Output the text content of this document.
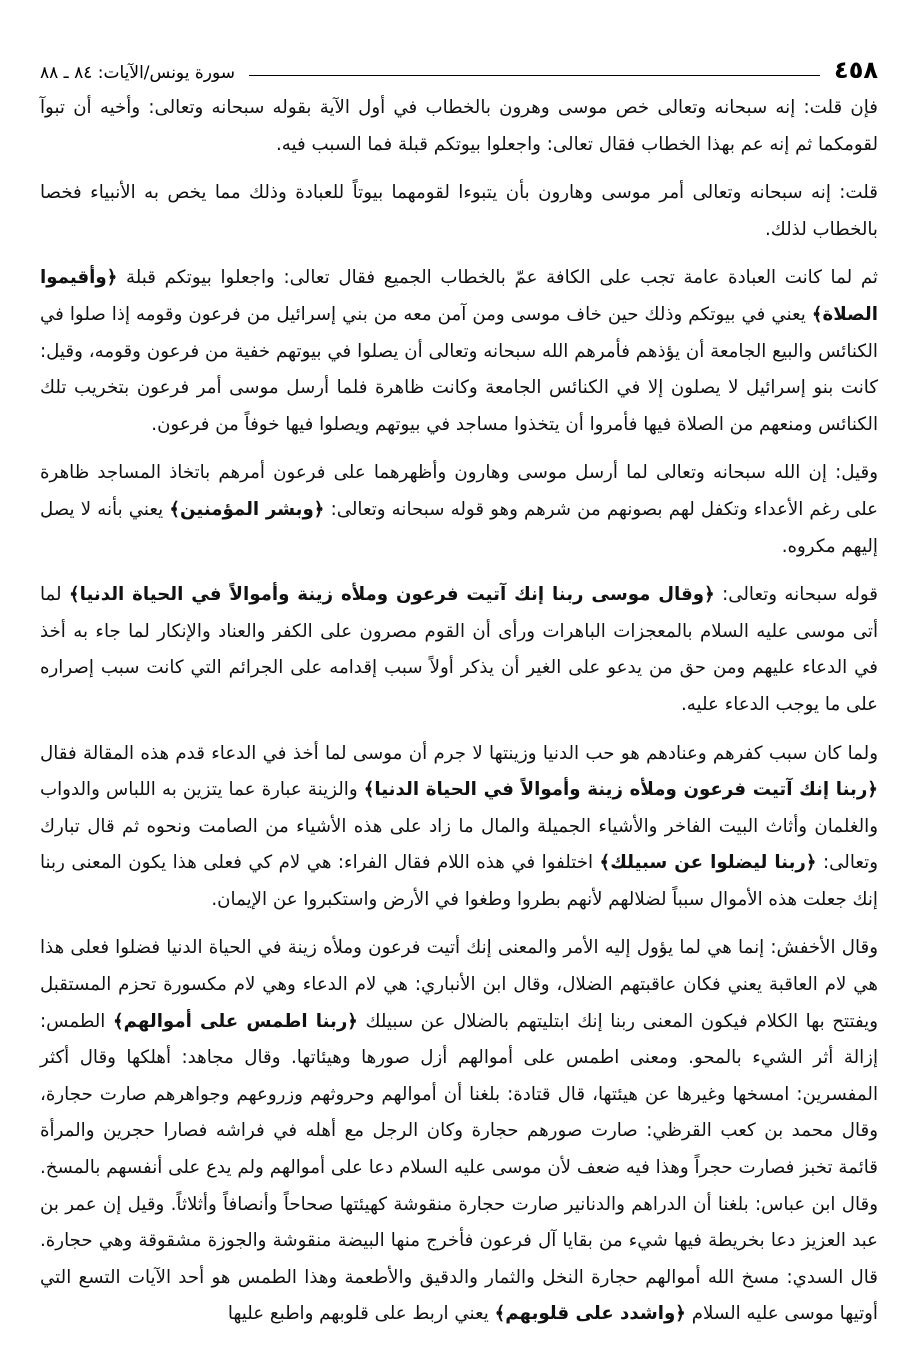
٤٥٨
سورة يونس/الآيات: ٨٤ ـ ٨٨

فإن قلت: إنه سبحانه وتعالى خص موسى وهرون بالخطاب في أول الآية بقوله سبحانه وتعالى: وأخيه أن تبوآ لقومكما ثم إنه عم بهذا الخطاب فقال تعالى: واجعلوا بيوتكم قبلة فما السبب فيه.

قلت: إنه سبحانه وتعالى أمر موسى وهارون بأن يتبوءا لقومهما بيوتاً للعبادة وذلك مما يخص به الأنبياء فخصا بالخطاب لذلك.

ثم لما كانت العبادة عامة تجب على الكافة عمّ بالخطاب الجميع فقال تعالى: واجعلوا بيوتكم قبلة ﴿وأقيموا الصلاة﴾ يعني في بيوتكم وذلك حين خاف موسى ومن آمن معه من بني إسرائيل من فرعون وقومه إذا صلوا في الكنائس والبيع الجامعة أن يؤذهم فأمرهم الله سبحانه وتعالى أن يصلوا في بيوتهم خفية من فرعون وقومه، وقيل: كانت بنو إسرائيل لا يصلون إلا في الكنائس الجامعة وكانت ظاهرة فلما أرسل موسى أمر فرعون بتخريب تلك الكنائس ومنعهم من الصلاة فيها فأمروا أن يتخذوا مساجد في بيوتهم ويصلوا فيها خوفاً من فرعون.

وقيل: إن الله سبحانه وتعالى لما أرسل موسى وهارون وأظهرهما على فرعون أمرهم باتخاذ المساجد ظاهرة على رغم الأعداء وتكفل لهم بصونهم من شرهم وهو قوله سبحانه وتعالى: ﴿وبشر المؤمنين﴾ يعني بأنه لا يصل إليهم مكروه.

قوله سبحانه وتعالى: ﴿وقال موسى ربنا إنك آتيت فرعون وملأه زينة وأموالاً في الحياة الدنيا﴾ لما أتى موسى عليه السلام بالمعجزات الباهرات ورأى أن القوم مصرون على الكفر والعناد والإنكار لما جاء به أخذ في الدعاء عليهم ومن حق من يدعو على الغير أن يذكر أولاً سبب إقدامه على الجرائم التي كانت سبب إصراره على ما يوجب الدعاء عليه.

ولما كان سبب كفرهم وعنادهم هو حب الدنيا وزينتها لا جرم أن موسى لما أخذ في الدعاء قدم هذه المقالة فقال ﴿ربنا إنك آتيت فرعون وملأه زينة وأموالاً في الحياة الدنيا﴾ والزينة عبارة عما يتزين به اللباس والدواب والغلمان وأثاث البيت الفاخر والأشياء الجميلة والمال ما زاد على هذه الأشياء من الصامت ونحوه ثم قال تبارك وتعالى: ﴿ربنا ليضلوا عن سبيلك﴾ اختلفوا في هذه اللام فقال الفراء: هي لام كي فعلى هذا يكون المعنى ربنا إنك جعلت هذه الأموال سبباً لضلالهم لأنهم بطروا وطغوا في الأرض واستكبروا عن الإيمان.

وقال الأخفش: إنما هي لما يؤول إليه الأمر والمعنى إنك أتيت فرعون وملأه زينة في الحياة الدنيا فضلوا فعلى هذا هي لام العاقبة يعني فكان عاقبتهم الضلال، وقال ابن الأنباري: هي لام الدعاء وهي لام مكسورة تحزم المستقبل ويفتتح بها الكلام فيكون المعنى ربنا إنك ابتليتهم بالضلال عن سبيلك ﴿ربنا اطمس على أموالهم﴾ الطمس: إزالة أثر الشيء بالمحو. ومعنى اطمس على أموالهم أزل صورها وهيئاتها. وقال مجاهد: أهلكها وقال أكثر المفسرين: امسخها وغيرها عن هيئتها، قال قتادة: بلغنا أن أموالهم وحروثهم وزروعهم وجواهرهم صارت حجارة، وقال محمد بن كعب القرظي: صارت صورهم حجارة وكان الرجل مع أهله في فراشه فصارا حجرين والمرأة قائمة تخبز فصارت حجراً وهذا فيه ضعف لأن موسى عليه السلام دعا على أموالهم ولم يدع على أنفسهم بالمسخ. وقال ابن عباس: بلغنا أن الدراهم والدنانير صارت حجارة منقوشة كهيئتها صحاحاً وأنصافاً وأثلاثاً. وقيل إن عمر بن عبد العزيز دعا بخريطة فيها شيء من بقايا آل فرعون فأخرج منها البيضة منقوشة والجوزة مشقوقة وهي حجارة. قال السدي: مسخ الله أموالهم حجارة النخل والثمار والدقيق والأطعمة وهذا الطمس هو أحد الآيات التسع التي أوتيها موسى عليه السلام ﴿واشدد على قلوبهم﴾ يعني اربط على قلوبهم واطبع عليها
